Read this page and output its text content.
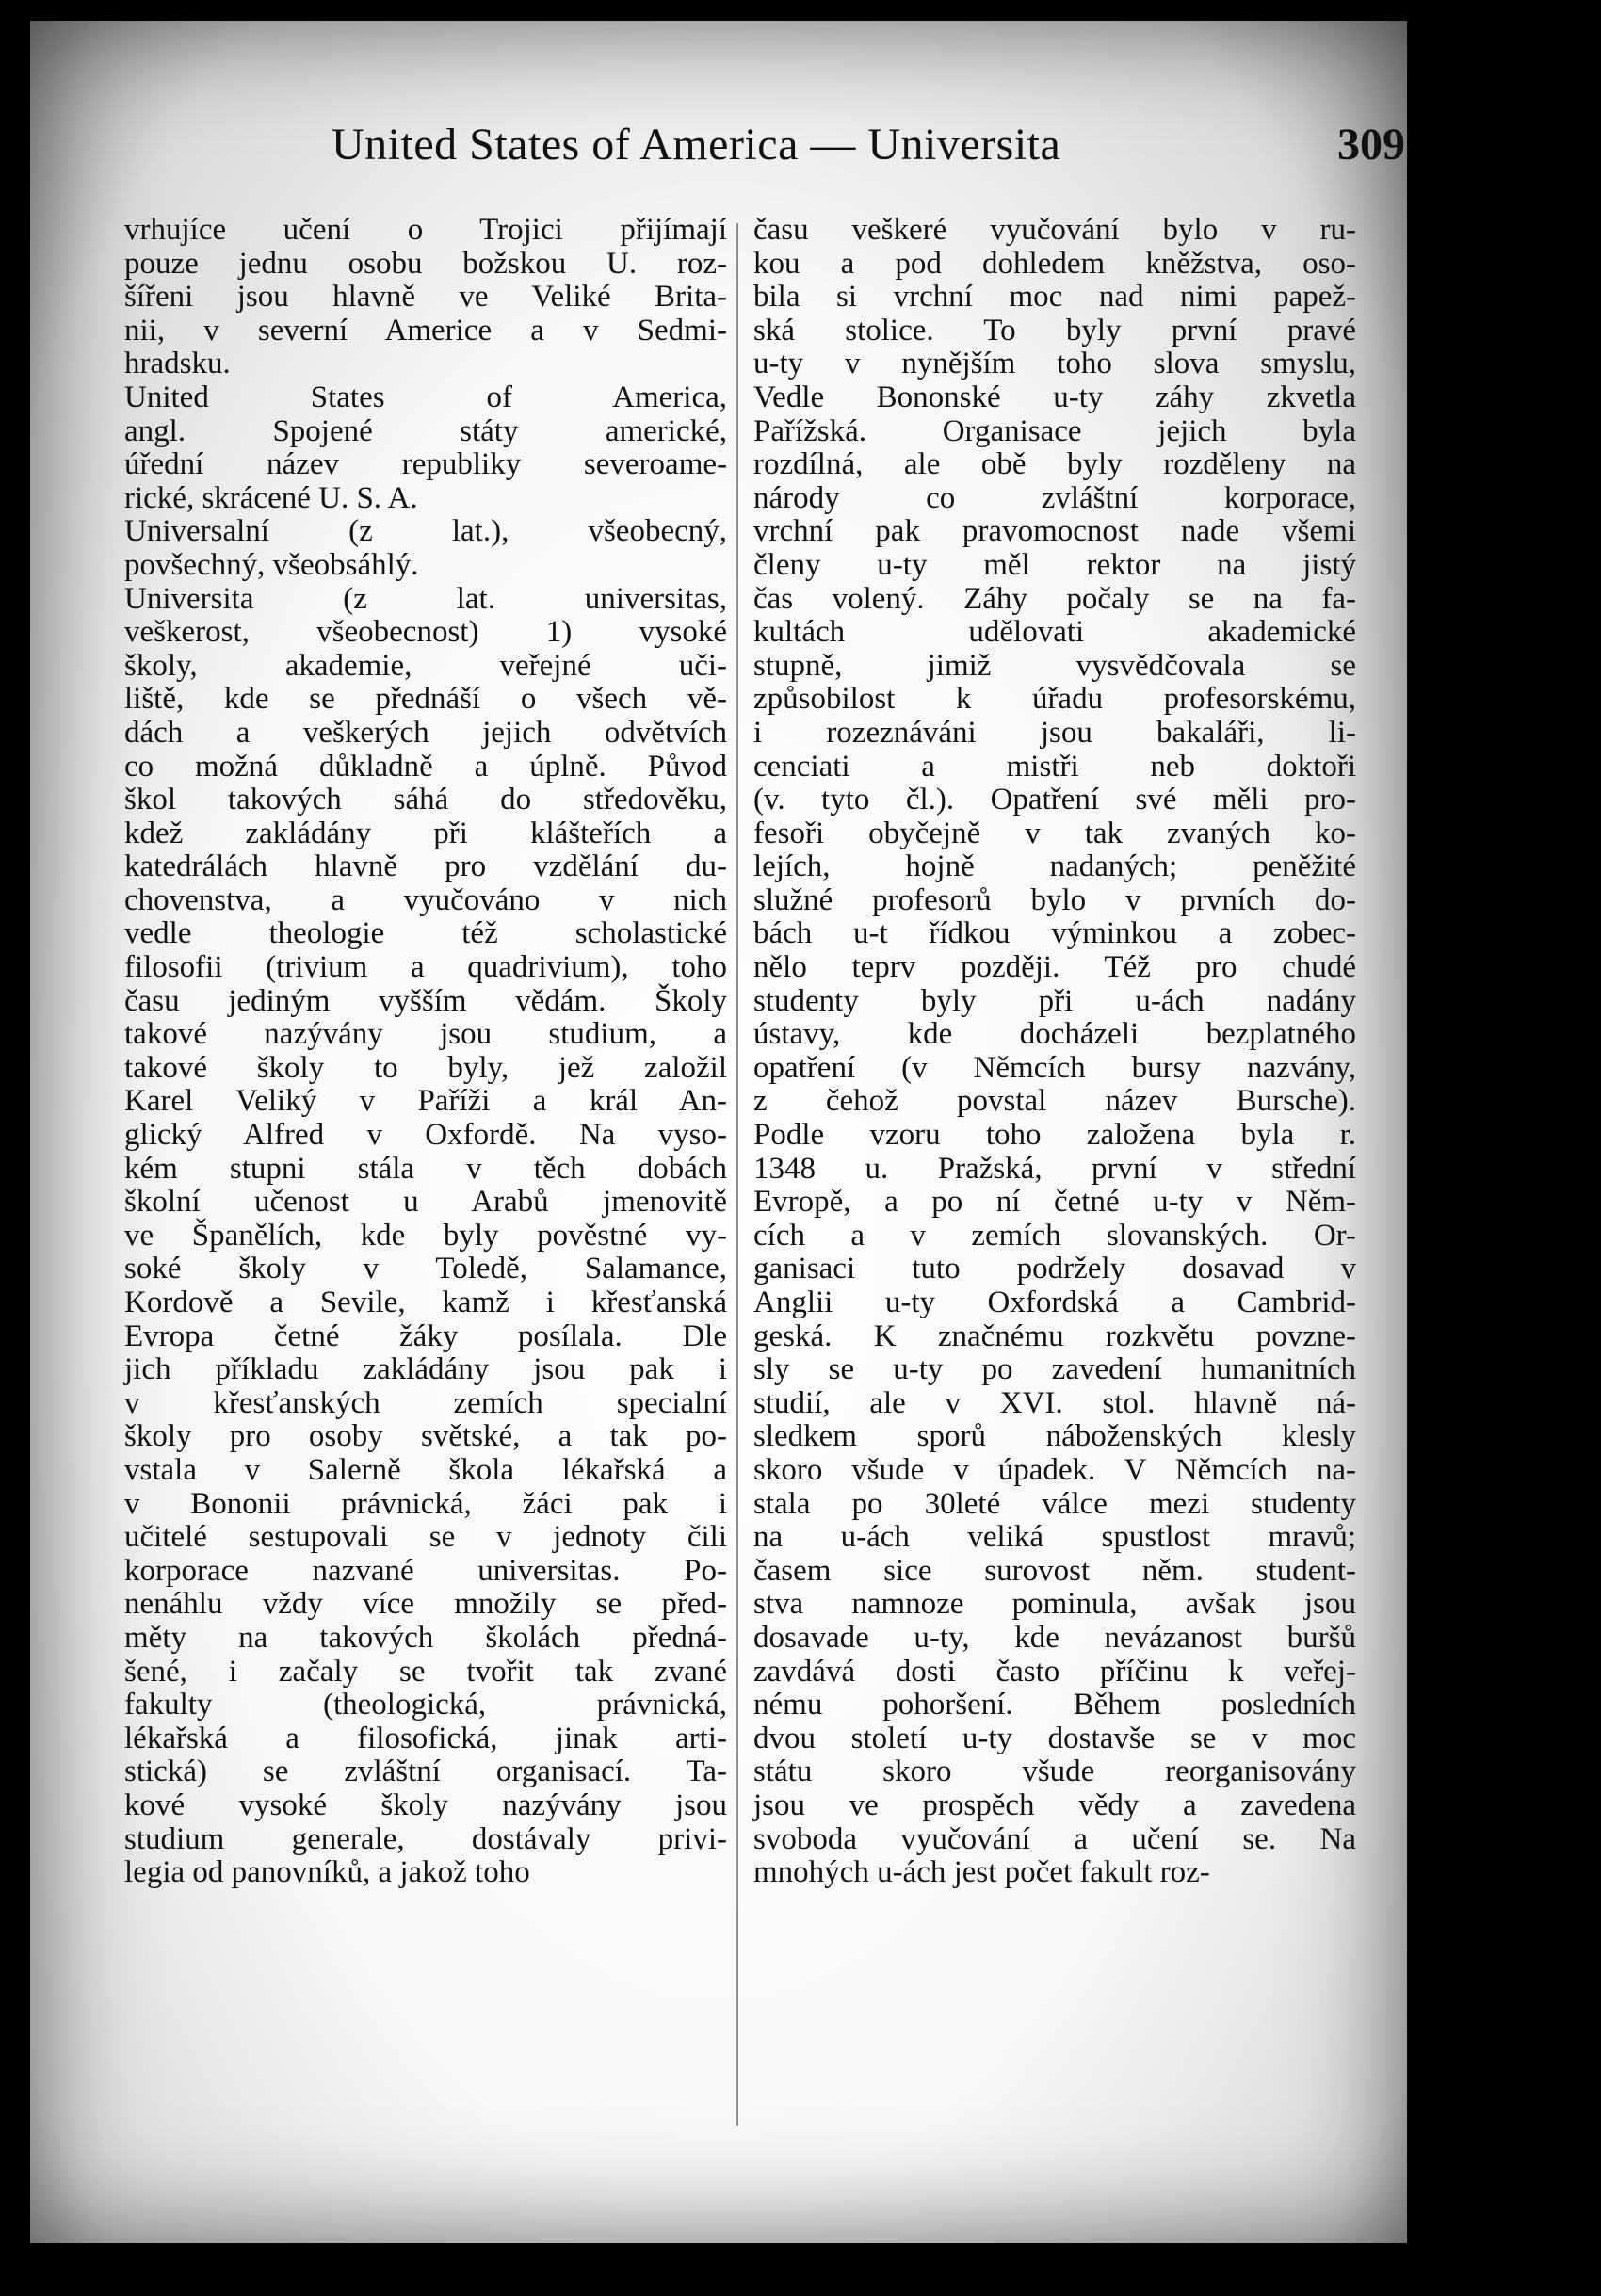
United States of America — Universita	309
vrhujíce učení o Trojici přijímají
pouze jednu osobu božskou U. roz-
šířeni jsou hlavně ve Veliké Brita-
nii, v severní Americe a v Sedmi-
hradsku.
United States of America,
angl. Spojené státy americké,
úřední název republiky severoame-
rické, skrácené U. S. A.
Universalní (z lat.), všeobecný,
povšechný, všeobsáhlý.
Universita (z lat. universitas,
veškerost, všeobecnost) 1) vysoké
školy, akademie, veřejné uči-
liště, kde se přednáší o všech vě-
dách a veškerých jejich odvětvích
co možná důkladně a úplně. Původ
škol takových sáhá do středověku,
kdež zakládány při klášteřích a
katedrálách hlavně pro vzdělání du-
chovenstva, a vyučováno v nich
vedle theologie též scholastické
filosofii (trivium a quadrivium), toho
času jediným vyšším vědám. Školy
takové nazývány jsou studium, a
takové školy to byly, jež založil
Karel Veliký v Paříži a král An-
glický Alfred v Oxfordě. Na vyso-
kém stupni stála v těch dobách
školní učenost u Arabů jmenovitě
ve Španělích, kde byly pověstné vy-
soké školy v Toledě, Salamance,
Kordově a Sevile, kamž i křesťanská
Evropa četné žáky posílala. Dle
jich příkladu zakládány jsou pak i
v křesťanských zemích specialní
školy pro osoby světské, a tak po-
vstala v Salerně škola lékařská a
v Bononii právnická, žáci pak i
učitelé sestupovali se v jednoty čili
korporace nazvané universitas. Po-
nenáhlu vždy více množily se před-
měty na takových školách předná-
šené, i začaly se tvořit tak zvané
fakulty (theologická, právnická,
lékařská a filosofická, jinak arti-
stická) se zvláštní organisací. Ta-
kové vysoké školy nazývány jsou
studium generale, dostávaly privi-
legia od panovníků, a jakož toho
času veškeré vyučování bylo v ru-
kou a pod dohledem kněžstva, oso-
bila si vrchní moc nad nimi papež-
ská stolice. To byly první pravé
u-ty v nynějším toho slova smyslu,
Vedle Bononské u-ty záhy zkvetla
Pařížská. Organisace jejich byla
rozdílná, ale obě byly rozděleny na
národy co zvláštní korporace,
vrchní pak pravomocnost nade všemi
členy u-ty měl rektor na jistý
čas volený. Záhy počaly se na fa-
kultách udělovati akademické
stupně, jimiž vysvědčovala se
způsobilost k úřadu profesorskému,
i rozeznáváni jsou bakaláři, li-
cenciati a mistři neb doktoři
(v. tyto čl.). Opatření své měli pro-
fesoři obyčejně v tak zvaných ko-
lejích, hojně nadaných; peněžité
služné profesorů bylo v prvních do-
bách u-t řídkou výminkou a zobec-
nělo teprv později. Též pro chudé
studenty byly při u-ách nadány
ústavy, kde docházeli bezplatného
opatření (v Němcích bursy nazvány,
z čehož povstal název Bursche).
Podle vzoru toho založena byla r.
1348 u. Pražská, první v střední
Evropě, a po ní četné u-ty v Něm-
cích a v zemích slovanských. Or-
ganisaci tuto podržely dosavad v
Anglii u-ty Oxfordská a Cambrid-
geská. K značnému rozkvětu povzne-
sly se u-ty po zavedení humanitních
studií, ale v XVI. stol. hlavně ná-
sledkem sporů náboženských klesly
skoro všude v úpadek. V Němcích na-
stala po 30leté válce mezi studenty
na u-ách veliká spustlost mravů;
časem sice surovost něm. student-
stva namnoze pominula, avšak jsou
dosavade u-ty, kde nevázanost buršů
zavdává dosti často příčinu k veřej-
nému pohoršení. Během posledních
dvou století u-ty dostavše se v moc
státu skoro všude reorganisovány
jsou ve prospěch vědy a zavedena
svoboda vyučování a učení se. Na
mnohých u-ách jest počet fakult roz-
